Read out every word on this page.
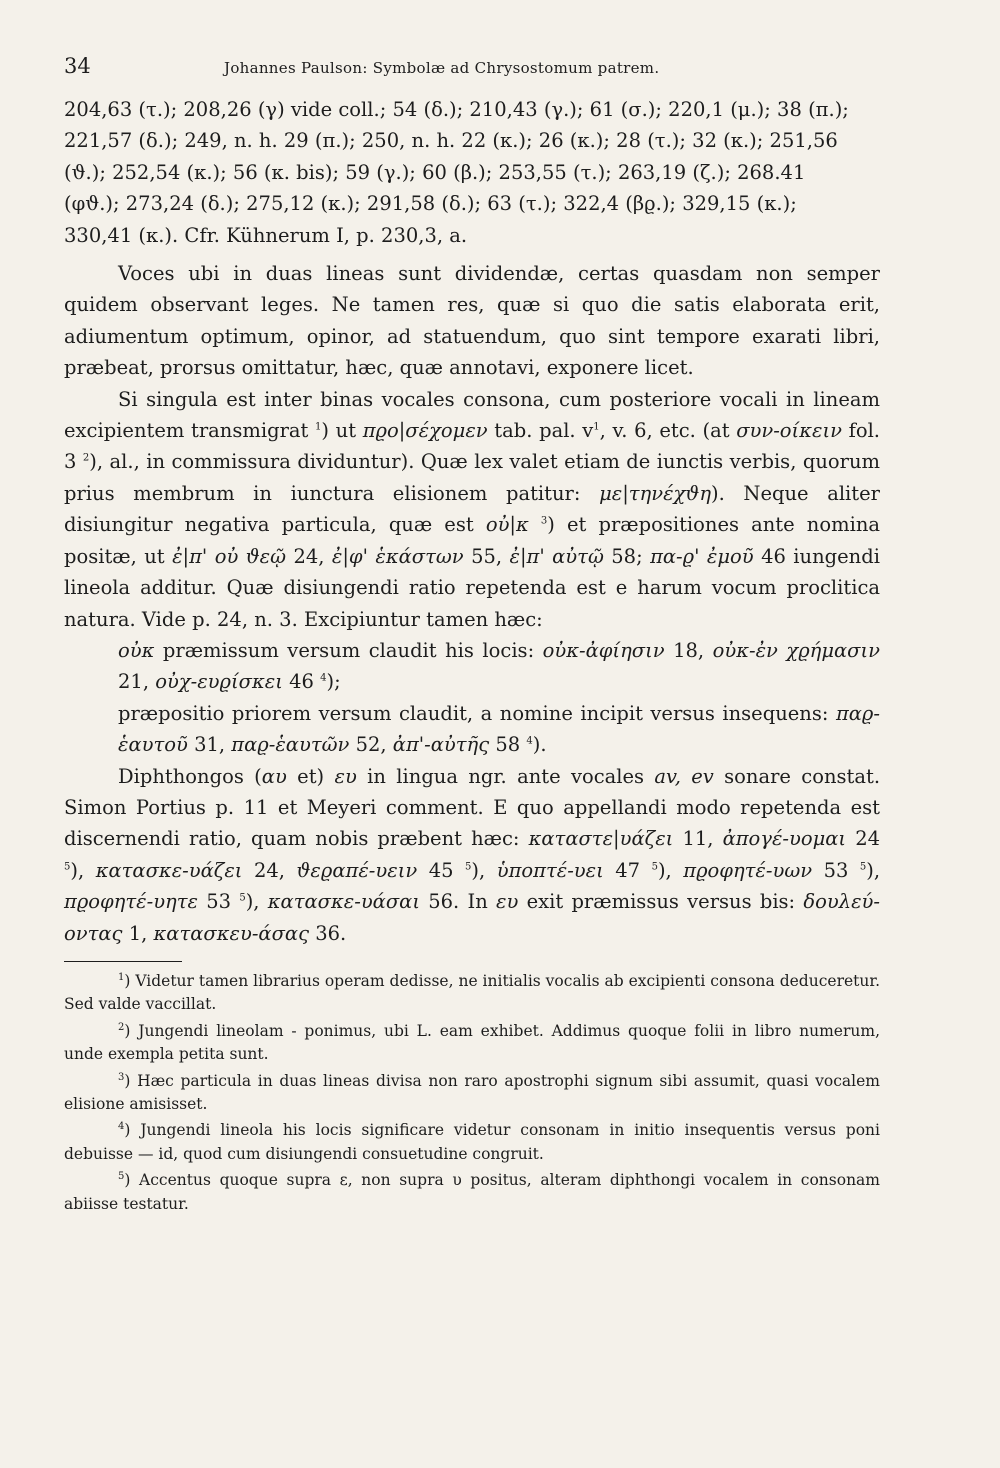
34	Johannes Paulson: Symbolæ ad Chrysostomum patrem.
204,63 (τ.); 208,26 (γ) vide coll.; 54 (δ.); 210,43 (γ.); 61 (σ.); 220,1 (μ.); 38 (π.);
221,57 (δ.); 249, n. h. 29 (π.); 250, n. h. 22 (κ.); 26 (κ.); 28 (τ.); 32 (κ.); 251,56
(ϑ.); 252,54 (κ.); 56 (κ. bis); 59 (γ.); 60 (β.); 253,55 (τ.); 263,19 (ζ.); 268.41
(φϑ.); 273,24 (δ.); 275,12 (κ.); 291,58 (δ.); 63 (τ.); 322,4 (βϱ.); 329,15 (κ.);
330,41 (κ.). Cfr. Kühnerum I, p. 230,3, a.

Voces ubi in duas lineas sunt dividendæ, certas quasdam non semper quidem observant leges. Ne tamen res, quæ si quo die satis elaborata erit, adiumentum optimum, opinor, ad statuendum, quo sint tempore exarati libri, præbeat, prorsus omittatur, hæc, quæ annotavi, exponere licet.

Si singula est inter binas vocales consona, cum posteriore vocali in lineam excipientem transmigrat $^1$) ut πϱο|σέχομεν tab. pal. $v^1$, v. 6, etc. (at συν-οίκειν fol. 3 $^2$), al., in commissura dividuntur). Quæ lex valet etiam de iunctis verbis, quorum prius membrum in iunctura elisionem patitur: με|τηνέχϑη). Neque aliter disiungitur negativa particula, quæ est οὐ|κ $^3$) et præpositiones ante nomina positæ, ut ἐ|π' οὐ ϑεῷ 24, ἐ|φ' ἑκάστων 55, ἐ|π' αὐτῷ 58; πα-ϱ' ἐμοῦ 46 iungendi lineola additur. Quæ disiungendi ratio repetenda est e harum vocum proclitica natura. Vide p. 24, n. 3. Excipiuntur tamen hæc:

οὐκ præmissum versum claudit his locis: οὐκ-ἀφίησιν 18, οὐκ-ἐν χϱήμασιν 21, οὐχ-ευϱίσκει 46 $^4$);

præpositio priorem versum claudit, a nomine incipit versus insequens: παϱ- ἑαυτοῦ 31, παϱ-ἑαυτῶν 52, ἀπ'-αὐτῆς 58 $^4$).

Diphthongos (αυ et) ευ in lingua ngr. ante vocales av, ev sonare constat. Simon Portius p. 11 et Meyeri comment. E quo appellandi modo repetenda est discernendi ratio, quam nobis præbent hæc: καταστε|υάζει 11, ἀπογέ-υομαι 24 $^5$), κατασκε-υάζει 24, ϑεϱαπέ-υειν 45 $^5$), ὑποπτέ-υει 47 $^5$), πϱοφητέ-υων 53 $^5$), πϱοφητέ-υητε 53 $^5$), κατασκε-υάσαι 56. In ευ exit præmissus versus bis: δουλεύ-οντας 1, κατασκευ-άσας 36.

$^1$) Videtur tamen librarius operam dedisse, ne initialis vocalis ab excipienti consona deduceretur. Sed valde vaccillat.

$^2$) Jungendi lineolam - ponimus, ubi L. eam exhibet. Addimus quoque folii in libro numerum, unde exempla petita sunt.

$^3$) Hæc particula in duas lineas divisa non raro apostrophi signum sibi assumit, quasi vocalem elisione amisisset.

$^4$) Jungendi lineola his locis significare videtur consonam in initio insequentis versus poni debuisse — id, quod cum disiungendi consuetudine congruit.

$^5$) Accentus quoque supra ε, non supra υ positus, alteram diphthongi vocalem in consonam abiisse testatur.
